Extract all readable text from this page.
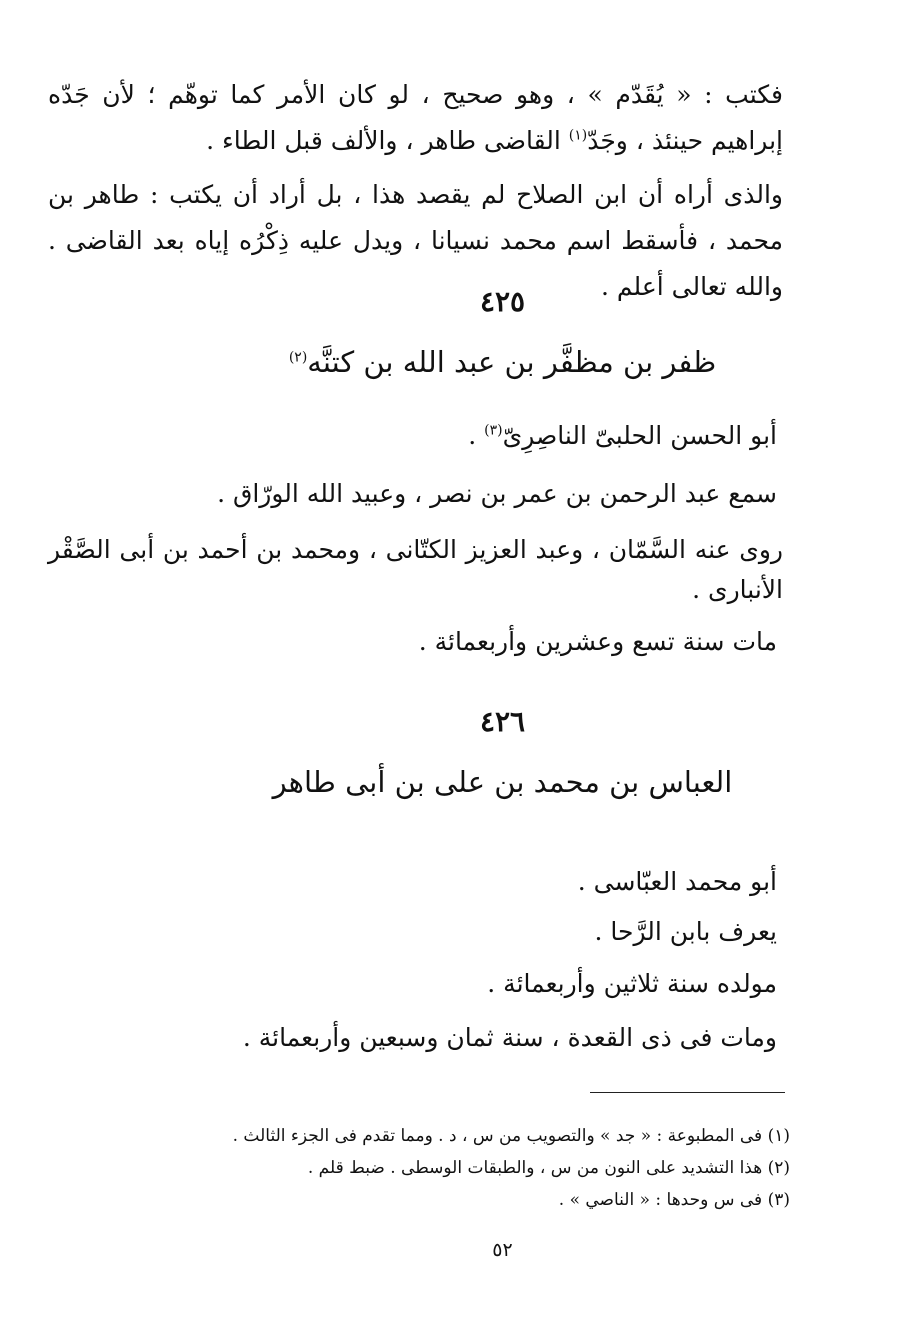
فكتب : « يُقَدّم » ، وهو صحيح ، لو كان الأمر كما توهّم ؛ لأن جَدّه إبراهيم حينئذ ، وجَدّ$^{(١)}$ القاضى طاهر ، والألف قبل الطاء .

والذى أراه أن ابن الصلاح لم يقصد هذا ، بل أراد أن يكتب : طاهر بن محمد ، فأسقط اسم محمد نسيانا ، ويدل عليه ذِكْرُه إياه بعد القاضى . والله تعالى أعلم .

٤٢٥
ظفر بن مظفَّر بن عبد الله بن كتنَّه$^{(٢)}$

أبو الحسن الحلبىّ الناصِرِىّ$^{(٣)}$ .

سمع عبد الرحمن بن عمر بن نصر ، وعبيد الله الورّاق .

روى عنه السَّمّان ، وعبد العزيز الكتّانى ، ومحمد بن أحمد بن أبى الصَّقْر الأنبارى .

مات سنة تسع وعشرين وأربعمائة .

٤٢٦
العباس بن محمد بن على بن أبى طاهر

أبو محمد العبّاسى .

يعرف بابن الرَّحا .

مولده سنة ثلاثين وأربعمائة .

ومات فى ذى القعدة ، سنة ثمان وسبعين وأربعمائة .

(١) فى المطبوعة : « جد » والتصويب من س ، د . ومما تقدم فى الجزء الثالث .

(٢) هذا التشديد على النون من س ، والطبقات الوسطى . ضبط قلم .

(٣) فى س وحدها : « الناصي » .

٥٢
